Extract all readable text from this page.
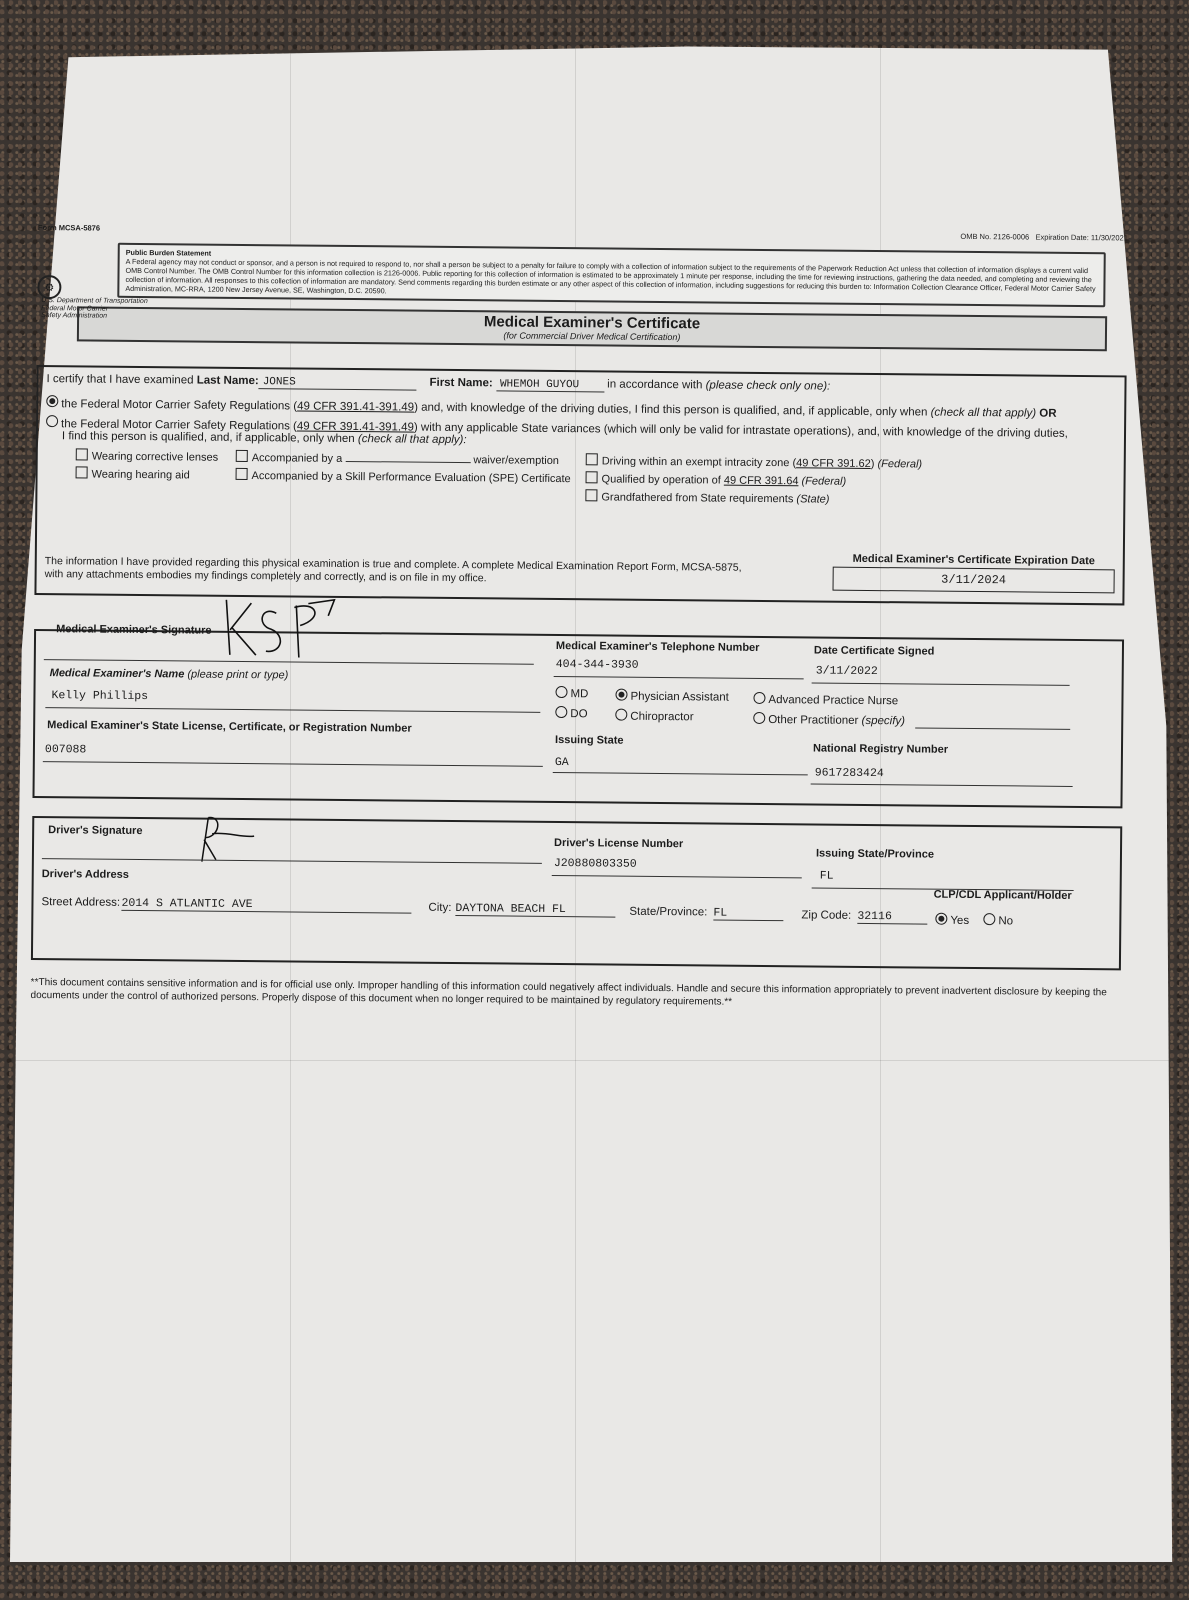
Form MCSA-5876
OMB No. 2126-0006 Expiration Date: 11/30/2021
Public Burden Statement
A Federal agency may not conduct or sponsor, and a person is not required to respond to, nor shall a person be subject to a penalty for failure to comply with a collection of information subject to the requirements of the Paperwork Reduction Act unless that collection of information displays a current valid OMB Control Number. The OMB Control Number for this information collection is 2126-0006. Public reporting for this collection of information is estimated to be approximately 1 minute per response, including the time for reviewing instructions, gathering the data needed, and completing and reviewing the collection of information. All responses to this collection of information are mandatory. Send comments regarding this burden estimate or any other aspect of this collection of information, including suggestions for reducing this burden to: Information Collection Clearance Officer, Federal Motor Carrier Safety Administration, MC-RRA, 1200 New Jersey Avenue, SE, Washington, D.C. 20590.
⚙
U.S. Department of Transportation
Federal Motor Carrier
Safety Administration	Medical Examiner's Certificate
(for Commercial Driver Medical Certification)
I certify that I have examined
Last Name: JONES
	First Name:
WHEMOH GUYOU
	in accordance with
(please check only one):
the Federal Motor Carrier Safety Regulations ( 49 CFR 391.41-391.49 ) and, with knowledge of the driving duties, I find this person is qualified, and, if applicable, only when
(check all that apply)
OR
the Federal Motor Carrier Safety Regulations ( 49 CFR 391.41-391.49 ) with any applicable State variances (which will only be valid for intrastate operations), and, with knowledge of the driving duties,
I find this person is qualified, and, if applicable, only when
(check all that apply):
Wearing corrective lenses	Accompanied by a	waiver/exemption	Driving within an exempt intracity zone (49 CFR 391.62) (Federal)
Wearing hearing aid	Accompanied by a Skill Performance Evaluation (SPE) Certificate	Qualified by operation of 49 CFR 391.64 (Federal)
Grandfathered from State requirements (State)
The information I have provided regarding this physical examination is true and complete. A complete Medical Examination Report Form, MCSA-5875, with any attachments embodies my findings completely and correctly, and is on file in my office.
Medical Examiner's Certificate Expiration Date
3/11/2024
Medical Examiner's Signature
Medical Examiner's Telephone Number
404-344-3930
Date Certificate Signed
3/11/2022
Medical Examiner's Name (please print or type)
Kelly Phillips	MD	Physician Assistant	Advanced Practice Nurse
DO	Chiropractor	Other Practitioner (specify)
Medical Examiner's State License, Certificate, or Registration Number
007088
Issuing State
GA
National Registry Number
9617283424
Driver's Signature
Driver's License Number
J20880803350
Issuing State/Province
FL
Driver's Address
Street Address: 2014 S ATLANTIC AVE	City: DAYTONA BEACH FL	State/Province: FL	Zip Code: 32116
CLP/CDL Applicant/Holder
Yes	No
**This document contains sensitive information and is for official use only. Improper handling of this information could negatively affect individuals. Handle and secure this information appropriately to prevent inadvertent disclosure by keeping the documents under the control of authorized persons. Properly dispose of this document when no longer required to be maintained by regulatory requirements.**
